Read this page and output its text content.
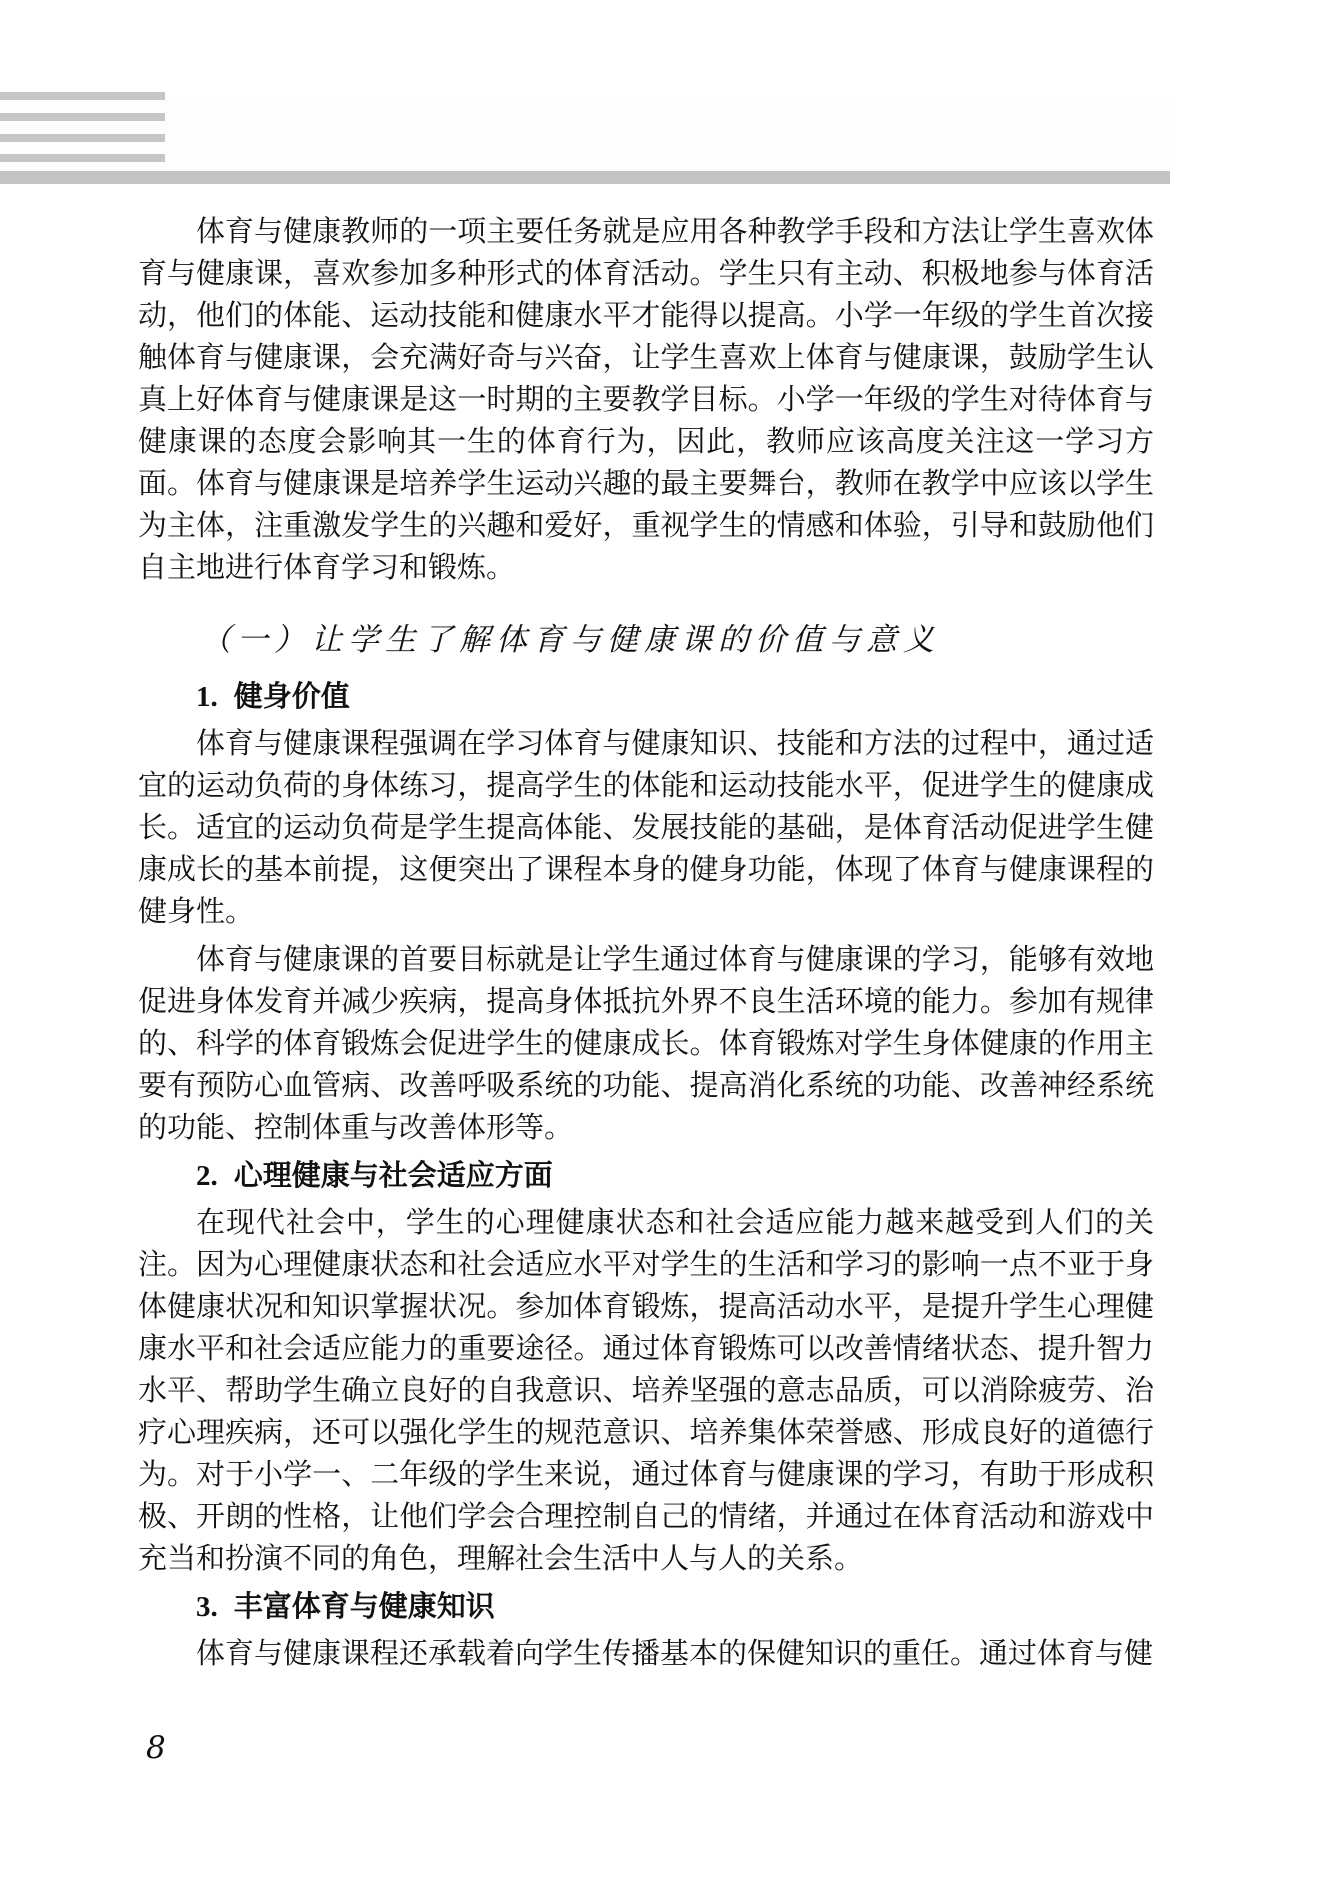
体育与健康教师的一项主要任务就是应用各种教学手段和方法让学生喜欢体育与健康课，喜欢参加多种形式的体育活动。学生只有主动、积极地参与体育活动，他们的体能、运动技能和健康水平才能得以提高。小学一年级的学生首次接触体育与健康课，会充满好奇与兴奋，让学生喜欢上体育与健康课，鼓励学生认真上好体育与健康课是这一时期的主要教学目标。小学一年级的学生对待体育与健康课的态度会影响其一生的体育行为，因此，教师应该高度关注这一学习方面。体育与健康课是培养学生运动兴趣的最主要舞台，教师在教学中应该以学生为主体，注重激发学生的兴趣和爱好，重视学生的情感和体验，引导和鼓励他们自主地进行体育学习和锻炼。

（一）让学生了解体育与健康课的价值与意义
1. 健身价值

体育与健康课程强调在学习体育与健康知识、技能和方法的过程中，通过适宜的运动负荷的身体练习，提高学生的体能和运动技能水平，促进学生的健康成长。适宜的运动负荷是学生提高体能、发展技能的基础，是体育活动促进学生健康成长的基本前提，这便突出了课程本身的健身功能，体现了体育与健康课程的健身性。

体育与健康课的首要目标就是让学生通过体育与健康课的学习，能够有效地促进身体发育并减少疾病，提高身体抵抗外界不良生活环境的能力。参加有规律的、科学的体育锻炼会促进学生的健康成长。体育锻炼对学生身体健康的作用主要有预防心血管病、改善呼吸系统的功能、提高消化系统的功能、改善神经系统的功能、控制体重与改善体形等。

2. 心理健康与社会适应方面

在现代社会中，学生的心理健康状态和社会适应能力越来越受到人们的关注。因为心理健康状态和社会适应水平对学生的生活和学习的影响一点不亚于身体健康状况和知识掌握状况。参加体育锻炼，提高活动水平，是提升学生心理健康水平和社会适应能力的重要途径。通过体育锻炼可以改善情绪状态、提升智力水平、帮助学生确立良好的自我意识、培养坚强的意志品质，可以消除疲劳、治疗心理疾病，还可以强化学生的规范意识、培养集体荣誉感、形成良好的道德行为。对于小学一、二年级的学生来说，通过体育与健康课的学习，有助于形成积极、开朗的性格，让他们学会合理控制自己的情绪，并通过在体育活动和游戏中充当和扮演不同的角色，理解社会生活中人与人的关系。

3. 丰富体育与健康知识

体育与健康课程还承载着向学生传播基本的保健知识的重任。通过体育与健

8
